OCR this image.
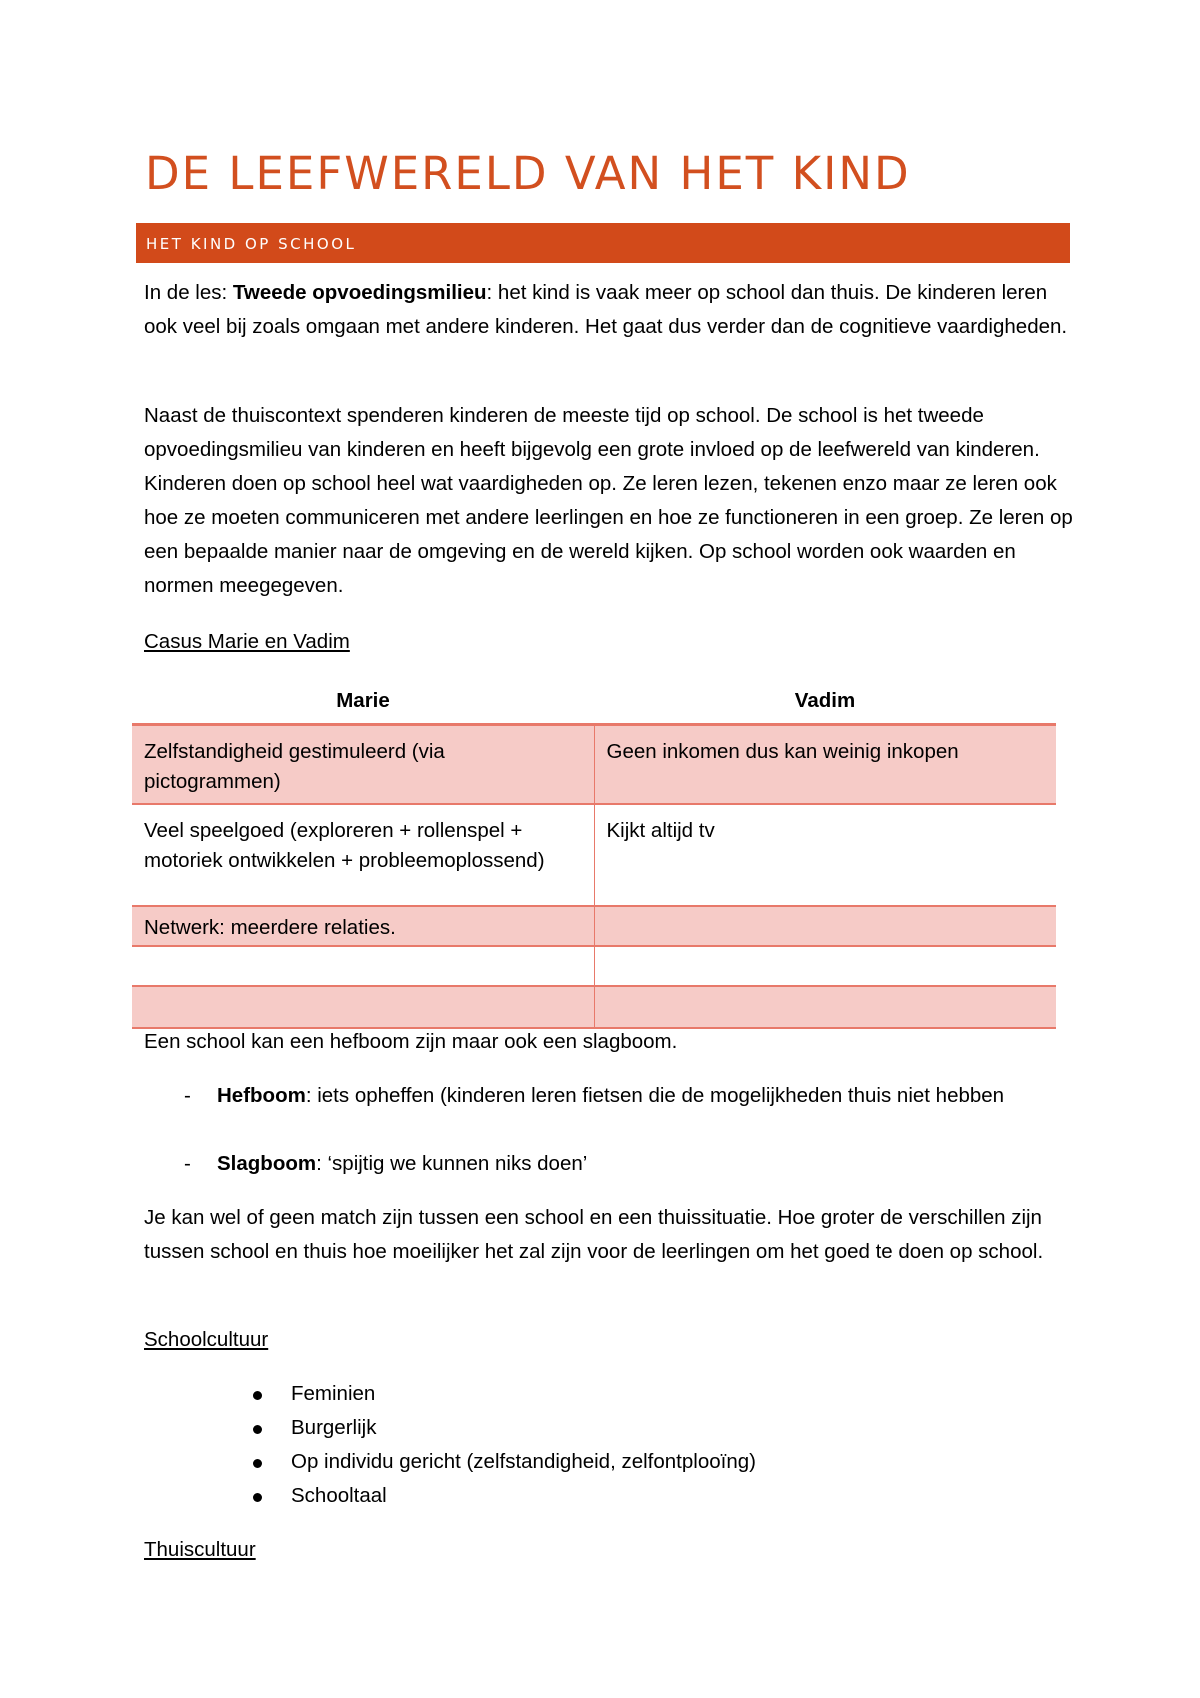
DE LEEFWERELD VAN HET KIND
HET KIND OP SCHOOL

In de les: Tweede opvoedingsmilieu: het kind is vaak meer op school dan thuis. De kinderen leren ook veel bij zoals omgaan met andere kinderen. Het gaat dus verder dan de cognitieve vaardigheden.

Naast de thuiscontext spenderen kinderen de meeste tijd op school. De school is het tweede opvoedingsmilieu van kinderen en heeft bijgevolg een grote invloed op de leefwereld van kinderen. Kinderen doen op school heel wat vaardigheden op. Ze leren lezen, tekenen enzo maar ze leren ook hoe ze moeten communiceren met andere leerlingen en hoe ze functioneren in een groep. Ze leren op een bepaalde manier naar de omgeving en de wereld kijken. Op school worden ook waarden en normen meegegeven.

Casus Marie en Vadim

Marie	Vadim
Zelfstandigheid gestimuleerd (via pictogrammen)	Geen inkomen dus kan weinig inkopen
Veel speelgoed (exploreren + rollenspel + motoriek ontwikkelen + probleemoplossend)	Kijkt altijd tv
Netwerk: meerdere relaties.	

Een school kan een hefboom zijn maar ook een slagboom.

- Hefboom: iets opheffen (kinderen leren fietsen die de mogelijkheden thuis niet hebben
- Slagboom: ‘spijtig we kunnen niks doen’

Je kan wel of geen match zijn tussen een school en een thuissituatie. Hoe groter de verschillen zijn tussen school en thuis hoe moeilijker het zal zijn voor de leerlingen om het goed te doen op school.

Schoolcultuur

Feminien
Burgerlijk
Op individu gericht (zelfstandigheid, zelfontplooïng)
Schooltaal

Thuiscultuur
